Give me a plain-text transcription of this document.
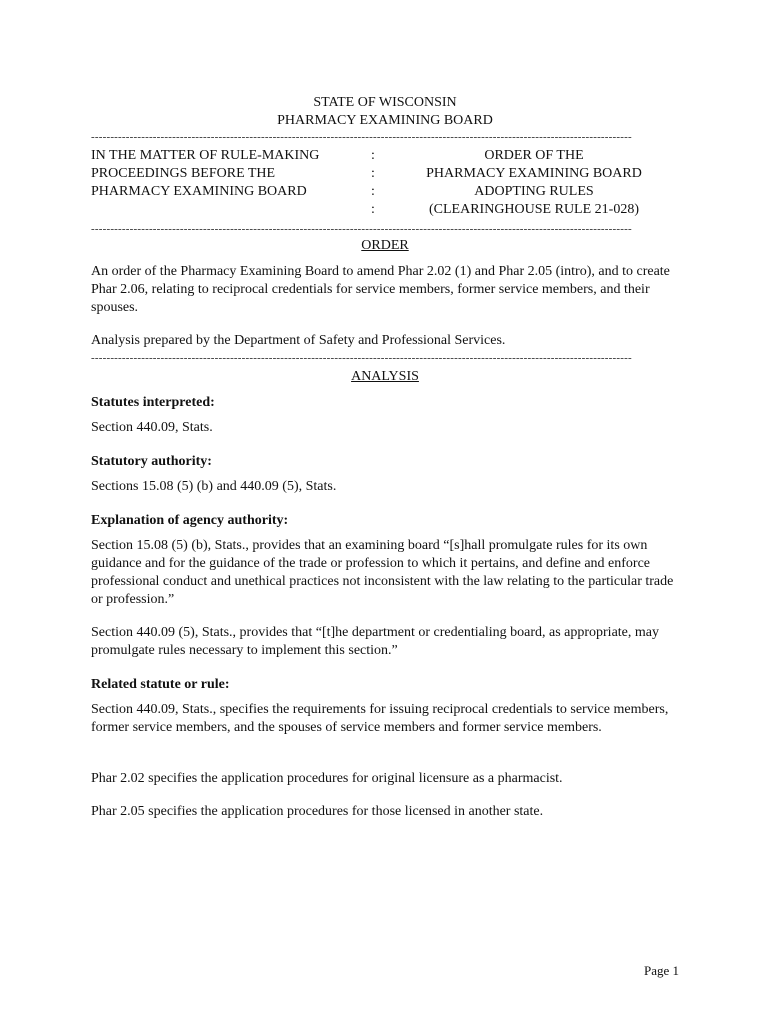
STATE OF WISCONSIN
PHARMACY EXAMINING BOARD
--------------------------------------------------------------------------------------------------------------------------------------------
IN THE MATTER OF RULE-MAKING
PROCEEDINGS BEFORE THE
PHARMACY EXAMINING BOARD

:
:
:
:
ORDER OF THE
PHARMACY EXAMINING BOARD
ADOPTING RULES
(CLEARINGHOUSE RULE 21-028)
--------------------------------------------------------------------------------------------------------------------------------------------
ORDER

An order of the Pharmacy Examining Board to amend Phar 2.02 (1) and Phar 2.05 (intro), and to create Phar 2.06, relating to reciprocal credentials for service members, former service members, and their spouses.

Analysis prepared by the Department of Safety and Professional Services.

--------------------------------------------------------------------------------------------------------------------------------------------
ANALYSIS
Statutes interpreted:

Section 440.09, Stats.

Statutory authority:

Sections 15.08 (5) (b) and 440.09 (5), Stats.

Explanation of agency authority:

Section 15.08 (5) (b), Stats., provides that an examining board “[s]hall promulgate rules for its own guidance and for the guidance of the trade or profession to which it pertains, and define and enforce professional conduct and unethical practices not inconsistent with the law relating to the particular trade or profession.”

Section 440.09 (5), Stats., provides that “[t]he department or credentialing board, as appropriate, may promulgate rules necessary to implement this section.”

Related statute or rule:

Section 440.09, Stats., specifies the requirements for issuing reciprocal credentials to service members, former service members, and the spouses of service members and former service members.

Phar 2.02 specifies the application procedures for original licensure as a pharmacist.

Phar 2.05 specifies the application procedures for those licensed in another state.

Page 1
